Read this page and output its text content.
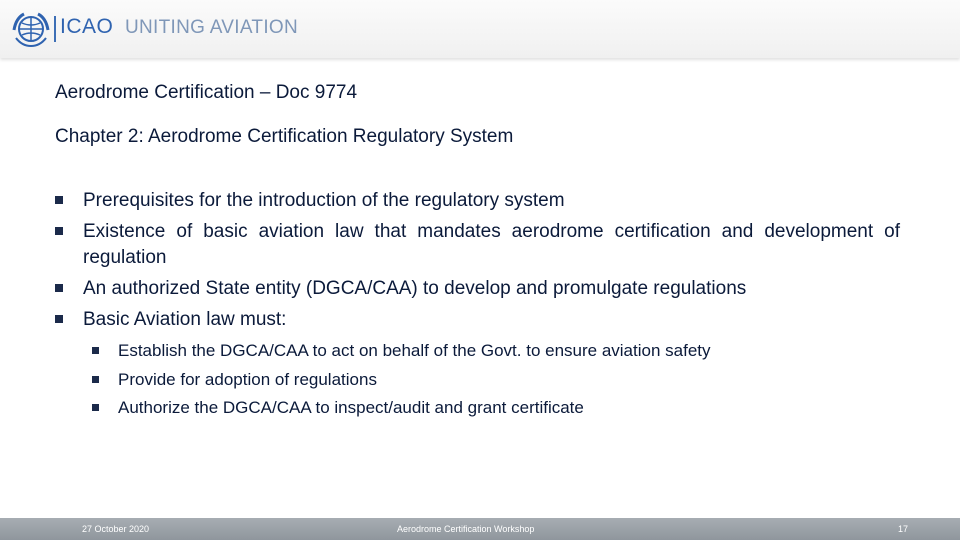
ICAO UNITING AVIATION
Aerodrome Certification – Doc 9774
Chapter 2: Aerodrome Certification Regulatory System
Prerequisites for the introduction of the regulatory system
Existence of basic aviation law that mandates aerodrome certification and development of regulation
An authorized State entity (DGCA/CAA) to develop and promulgate regulations
Basic Aviation law must:
Establish the DGCA/CAA to act on behalf of the Govt. to ensure aviation safety
Provide for adoption of regulations
Authorize the DGCA/CAA to inspect/audit and grant certificate
27 October 2020	Aerodrome Certification Workshop	17
